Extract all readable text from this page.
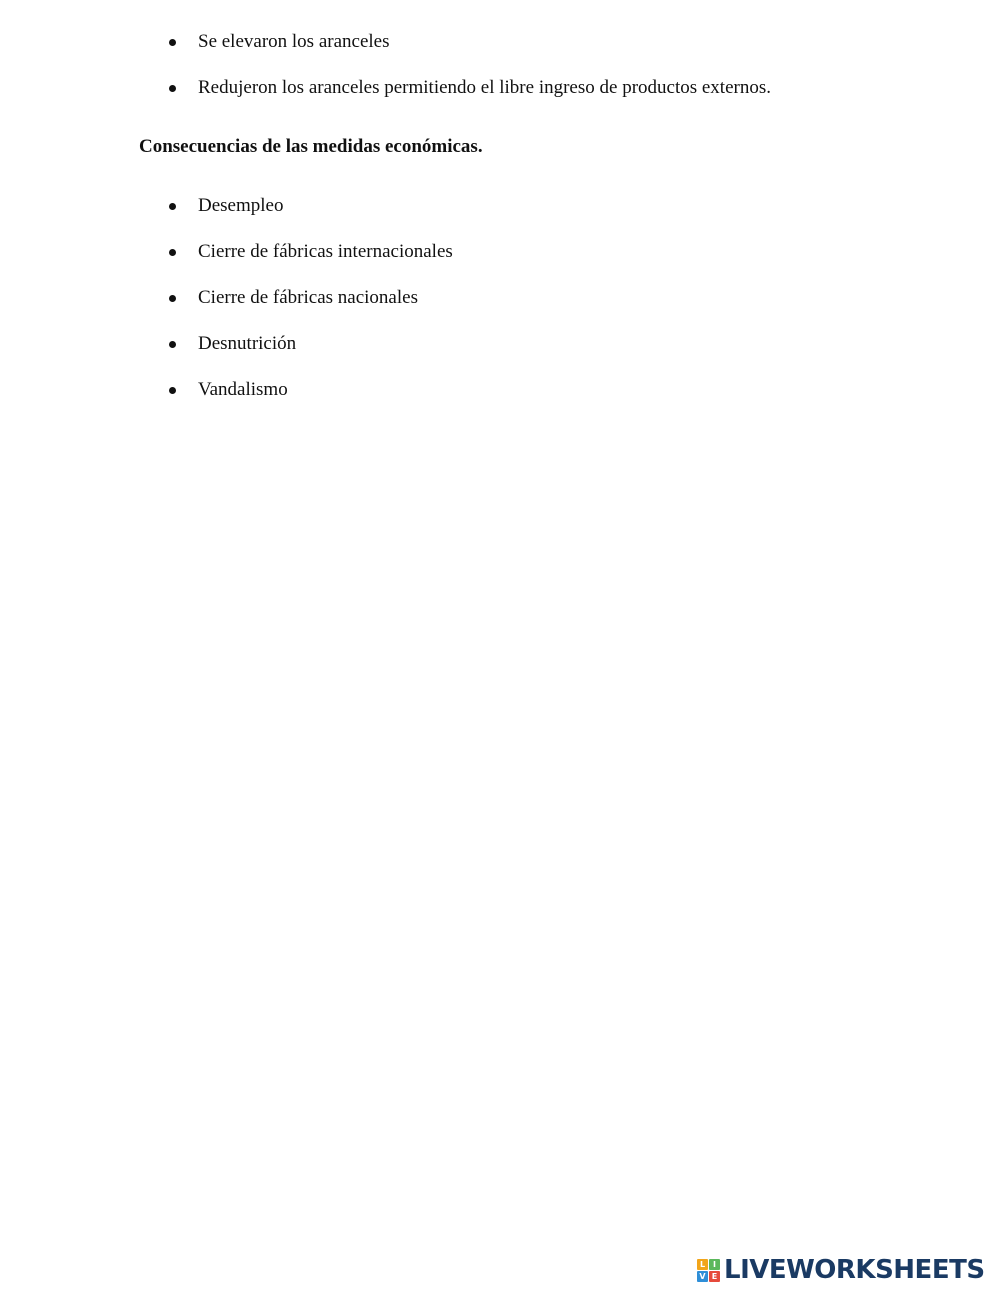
Se elevaron los aranceles
Redujeron los aranceles permitiendo el libre ingreso de productos externos.
Consecuencias de las medidas económicas.
Desempleo
Cierre de fábricas internacionales
Cierre de fábricas nacionales
Desnutrición
Vandalismo
L I
V E LIVEWORKSHEETS
